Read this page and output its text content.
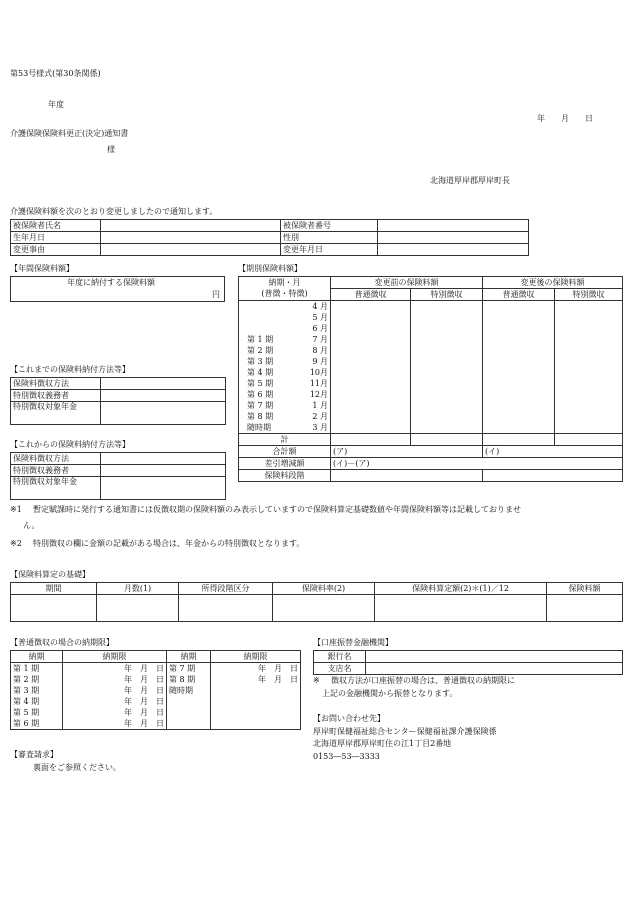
第53号様式(第30条関係)
年度
年　　月　　日
介護保険保険料更正(決定)通知書
様
北海道厚岸郡厚岸町長
介護保険料額を次のとおり変更しましたので通知します。
被保険者氏名		被保険者番号	
生年月日		性別	
変更事由		変更年月日	
【年間保険料額】
年度に納付する保険料額
円
【これまでの保険料納付方法等】
保険料徴収方法	
特別徴収義務者	
特別徴収対象年金	
【これからの保険料納付方法等】
保険料徴収方法	
特別徴収義務者	
特別徴収対象年金	
【期別保険料額】
納期・月		変更前の保険料額		変更後の保険料額	
(普徴・特徴)		普通徴収	特別徴収	普通徴収	特別徴収
	4 月				
	5 月				
	6 月				
第 1 期	7 月				
第 2 期	8 月				
第 3 期	9 月				
第 4 期	10月				
第 5 期	11月				
第 6 期	12月				
第 7 期	1 月				
第 8 期	2 月				
随時期	3 月				
計					
合計額		(ア)		(イ)	
差引増減額		(イ)－(ア)			
保険料段階					
※1 暫定賦課時に発行する通知書には仮徴収期の保険料額のみ表示していますので保険料算定基礎数値や年間保険料額等は記載しておりませ
ん。
※2 特別徴収の欄に金額の記載がある場合は、年金からの特別徴収となります。
【保険料算定の基礎】
期間	月数(1)	所得段階区分	保険料率(2)	保険料算定額(2)＊(1)／12	保険料額

【普通徴収の場合の納期限】
納期	納期限	納期	納期限
第 1 期	年　月　日	第 7 期	年　月　日
第 2 期	年　月　日	第 8 期	年　月　日
第 3 期	年　月　日	随時期	
第 4 期	年　月　日		
第 5 期	年　月　日		
第 6 期	年　月　日		
【口座振替金融機関】
銀行名	
支店名	
※ 徴収方法が口座振替の場合は、普通徴収の納期限に
上記の金融機関から振替となります。
【お問い合わせ先】
厚岸町保健福祉総合センター保健福祉課介護保険係
北海道厚岸郡厚岸町住の江1丁目2番地
0153―53―3333
【審査請求】
裏面をご参照ください。
